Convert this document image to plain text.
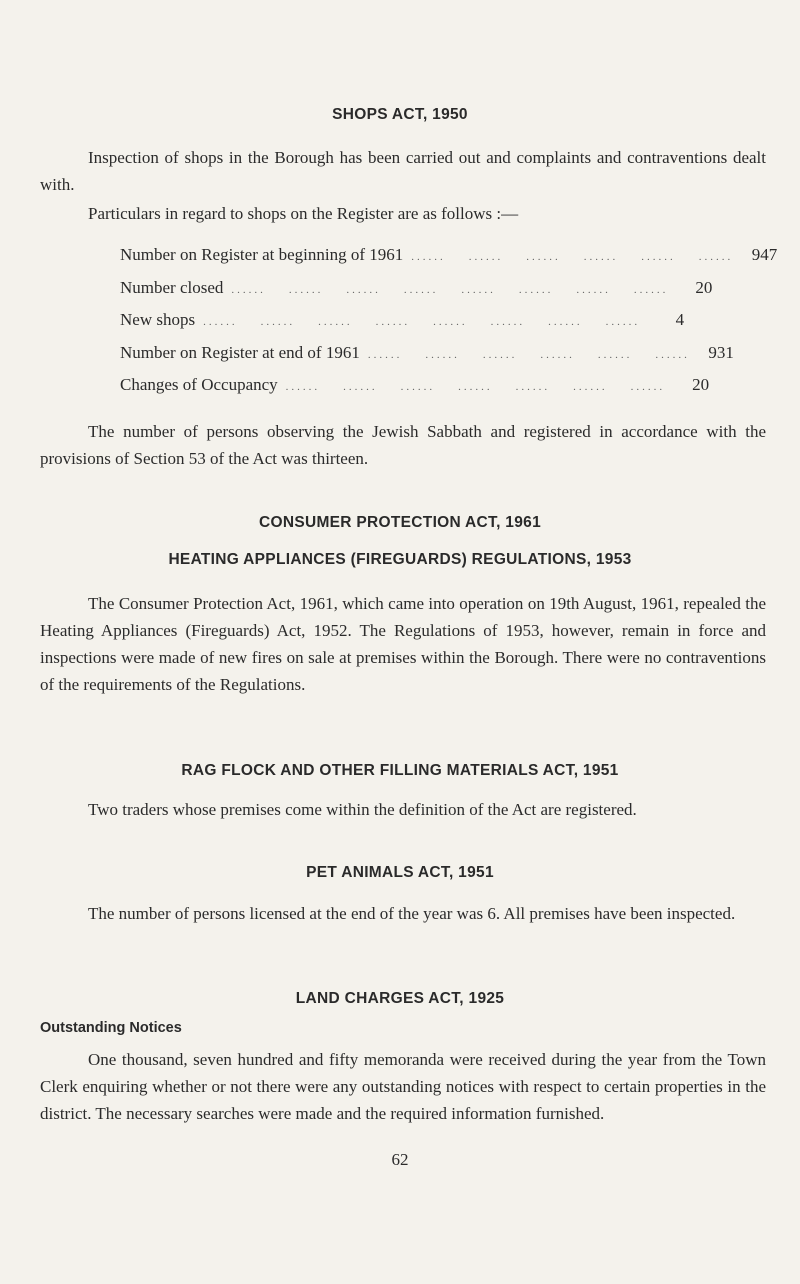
SHOPS ACT, 1950

Inspection of shops in the Borough has been carried out and complaints and contraventions dealt with.

Particulars in regard to shops on the Register are as follows :—

Number on Register at beginning of 1961 ......    ......    ......    ......    ......    ......	947
Number closed ......    ......    ......    ......    ......    ......    ......    ......	20
New shops ......    ......    ......    ......    ......    ......    ......    ......	4
Number on Register at end of 1961 ......    ......    ......    ......    ......    ......	931
Changes of Occupancy ......    ......    ......    ......    ......    ......    ......	20

The number of persons observing the Jewish Sabbath and registered in accordance with the provisions of Section 53 of the Act was thirteen.

CONSUMER PROTECTION ACT, 1961
HEATING APPLIANCES (FIREGUARDS) REGULATIONS, 1953

The Consumer Protection Act, 1961, which came into operation on 19th August, 1961, repealed the Heating Appliances (Fireguards) Act, 1952. The Regulations of 1953, however, remain in force and inspections were made of new fires on sale at premises within the Borough. There were no contraventions of the requirements of the Regulations.

RAG FLOCK AND OTHER FILLING MATERIALS ACT, 1951

Two traders whose premises come within the definition of the Act are registered.

PET ANIMALS ACT, 1951

The number of persons licensed at the end of the year was 6. All premises have been inspected.

LAND CHARGES ACT, 1925
Outstanding Notices

One thousand, seven hundred and fifty memoranda were received during the year from the Town Clerk enquiring whether or not there were any outstanding notices with respect to certain properties in the district. The necessary searches were made and the required information furnished.

62
